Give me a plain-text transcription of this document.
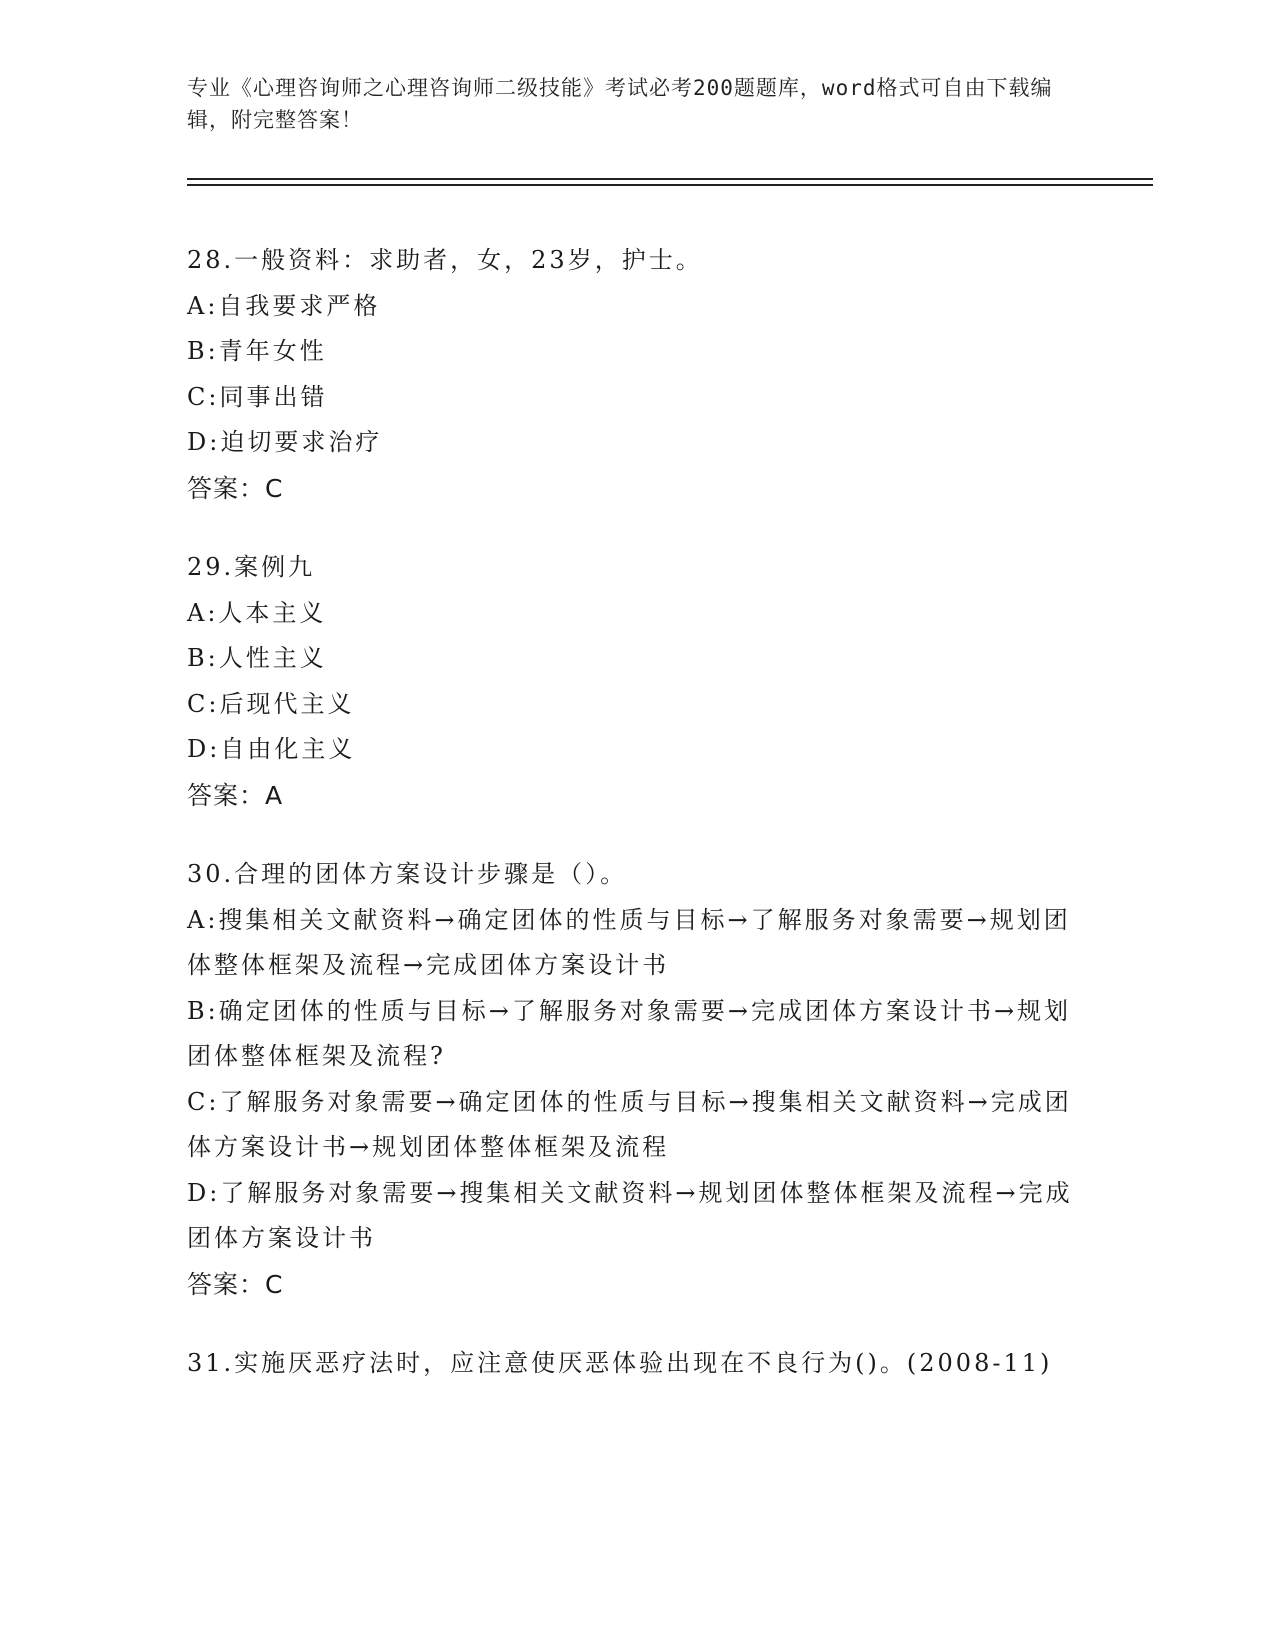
专业《心理咨询师之心理咨询师二级技能》考试必考200题题库，word格式可自由下载编辑，附完整答案！
28.一般资料：求助者，女，23岁，护士。
A:自我要求严格
B:青年女性
C:同事出错
D:迫切要求治疗
答案：C
29.案例九
A:人本主义
B:人性主义
C:后现代主义
D:自由化主义
答案：A
30.合理的团体方案设计步骤是（）。
A:搜集相关文献资料→确定团体的性质与目标→了解服务对象需要→规划团体整体框架及流程→完成团体方案设计书
B:确定团体的性质与目标→了解服务对象需要→完成团体方案设计书→规划团体整体框架及流程?
C:了解服务对象需要→确定团体的性质与目标→搜集相关文献资料→完成团体方案设计书→规划团体整体框架及流程
D:了解服务对象需要→搜集相关文献资料→规划团体整体框架及流程→完成团体方案设计书
答案：C
31.实施厌恶疗法时，应注意使厌恶体验出现在不良行为()。(2008-11)
